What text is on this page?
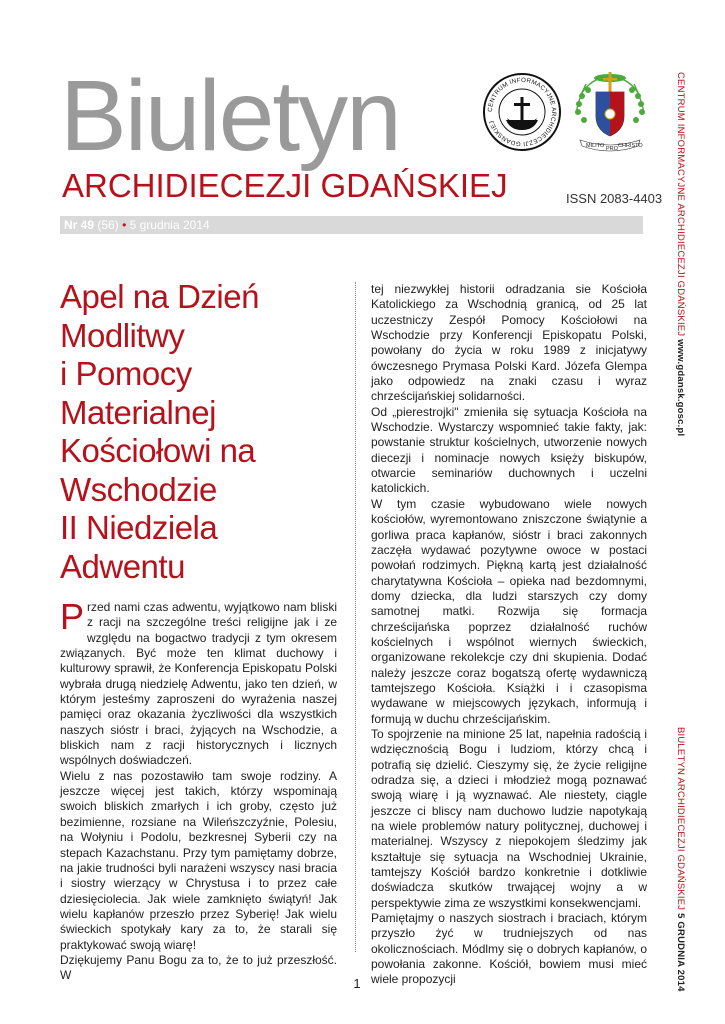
Biuletyn
ARCHIDIECEZJI GDAŃSKIEJ	ISSN 2083-4403
CENTRUM INFORMACYJNE ARCHIDIECEZJI GDAŃSKIEJ
MILITO PRO CHRISTO
Nr 49 (56) • 5 grudnia 2014	CENTRUM INFORMACYJNE ARCHIDIECEZJI GDAŃSKIEJ www.gdansk.gosc.pl
BIULETYN ARCHIDIECEZJI GDAŃSKIEJ 5 GRUDNIA 2014
Apel na Dzień
Modlitwy
i Pomocy
Materialnej
Kościołowi na
Wschodzie
II Niedziela
Adwentu

Przed nami czas adwentu, wyjątkowo nam bliski z racji na szczególne treści religijne jak i ze względu na bogactwo tradycji z tym okresem związanych. Być może ten klimat duchowy i kulturowy sprawił, że Konferencja Episkopatu Polski wybrała drugą niedzielę Adwentu, jako ten dzień, w którym jesteśmy zaproszeni do wyrażenia naszej pamięci oraz okazania życzliwości dla wszystkich naszych sióstr i braci, żyjących na Wschodzie, a bliskich nam z racji historycznych i licznych wspólnych doświadczeń.

Wielu z nas pozostawiło tam swoje rodziny. A jeszcze więcej jest takich, którzy wspominają swoich bliskich zmarłych i ich groby, często już bezimienne, rozsiane na Wileńszczyźnie, Polesiu, na Wołyniu i Podolu, bezkresnej Syberii czy na stepach Kazachstanu. Przy tym pamiętamy dobrze, na jakie trudności byli narażeni wszyscy nasi bracia i siostry wierzący w Chrystusa i to przez całe dziesięciolecia. Jak wiele zamknięto świątyń! Jak wielu kapłanów przeszło przez Syberię! Jak wielu świeckich spotykały kary za to, że starali się praktykować swoją wiarę!

Dziękujemy Panu Bogu za to, że to już przeszłość. W

tej niezwykłej historii odradzania sie Kościoła Katolickiego za Wschodnią granicą, od 25 lat uczestniczy Zespół Pomocy Kościołowi na Wschodzie przy Konferencji Episkopatu Polski, powołany do życia w roku 1989 z inicjatywy ówczesnego Prymasa Polski Kard. Józefa Glempa jako odpowiedz na znaki czasu i wyraz chrześcijańskiej solidarności.

Od „pierestrojki" zmieniła się sytuacja Kościoła na Wschodzie. Wystarczy wspomnieć takie fakty, jak: powstanie struktur kościelnych, utworzenie nowych diecezji i nominacje nowych księży biskupów, otwarcie seminariów duchownych i uczelni katolickich.

W tym czasie wybudowano wiele nowych kościołów, wyremontowano zniszczone świątynie a gorliwa praca kapłanów, sióstr i braci zakonnych zaczęła wydawać pozytywne owoce w postaci powołań rodzimych. Piękną kartą jest działalność charytatywna Kościoła – opieka nad bezdomnymi, domy dziecka, dla ludzi starszych czy domy samotnej matki. Rozwija się formacja chrześcijańska poprzez działalność ruchów kościelnych i wspólnot wiernych świeckich, organizowane rekolekcje czy dni skupienia. Dodać należy jeszcze coraz bogatszą ofertę wydawniczą tamtejszego Kościoła. Książki i i czasopisma wydawane w miejscowych językach, informują i formują w duchu chrześcijańskim.

To spojrzenie na minione 25 lat, napełnia radością i wdzięcznością Bogu i ludziom, którzy chcą i potrafią się dzielić. Cieszymy się, że życie religijne odradza się, a dzieci i młodzież mogą poznawać swoją wiarę i ją wyznawać. Ale niestety, ciągle jeszcze ci bliscy nam duchowo ludzie napotykają na wiele problemów natury politycznej, duchowej i materialnej. Wszyscy z niepokojem śledzimy jak kształtuje się sytuacja na Wschodniej Ukrainie, tamtejszy Kościół bardzo konkretnie i dotkliwie doświadcza skutków trwającej wojny a w perspektywie zima ze wszystkimi konsekwencjami.

Pamiętajmy o naszych siostrach i braciach, którym przyszło żyć w trudniejszych od nas okolicznościach. Módlmy się o dobrych kapłanów, o powołania zakonne. Kościół, bowiem musi mieć wiele propozycji

1
